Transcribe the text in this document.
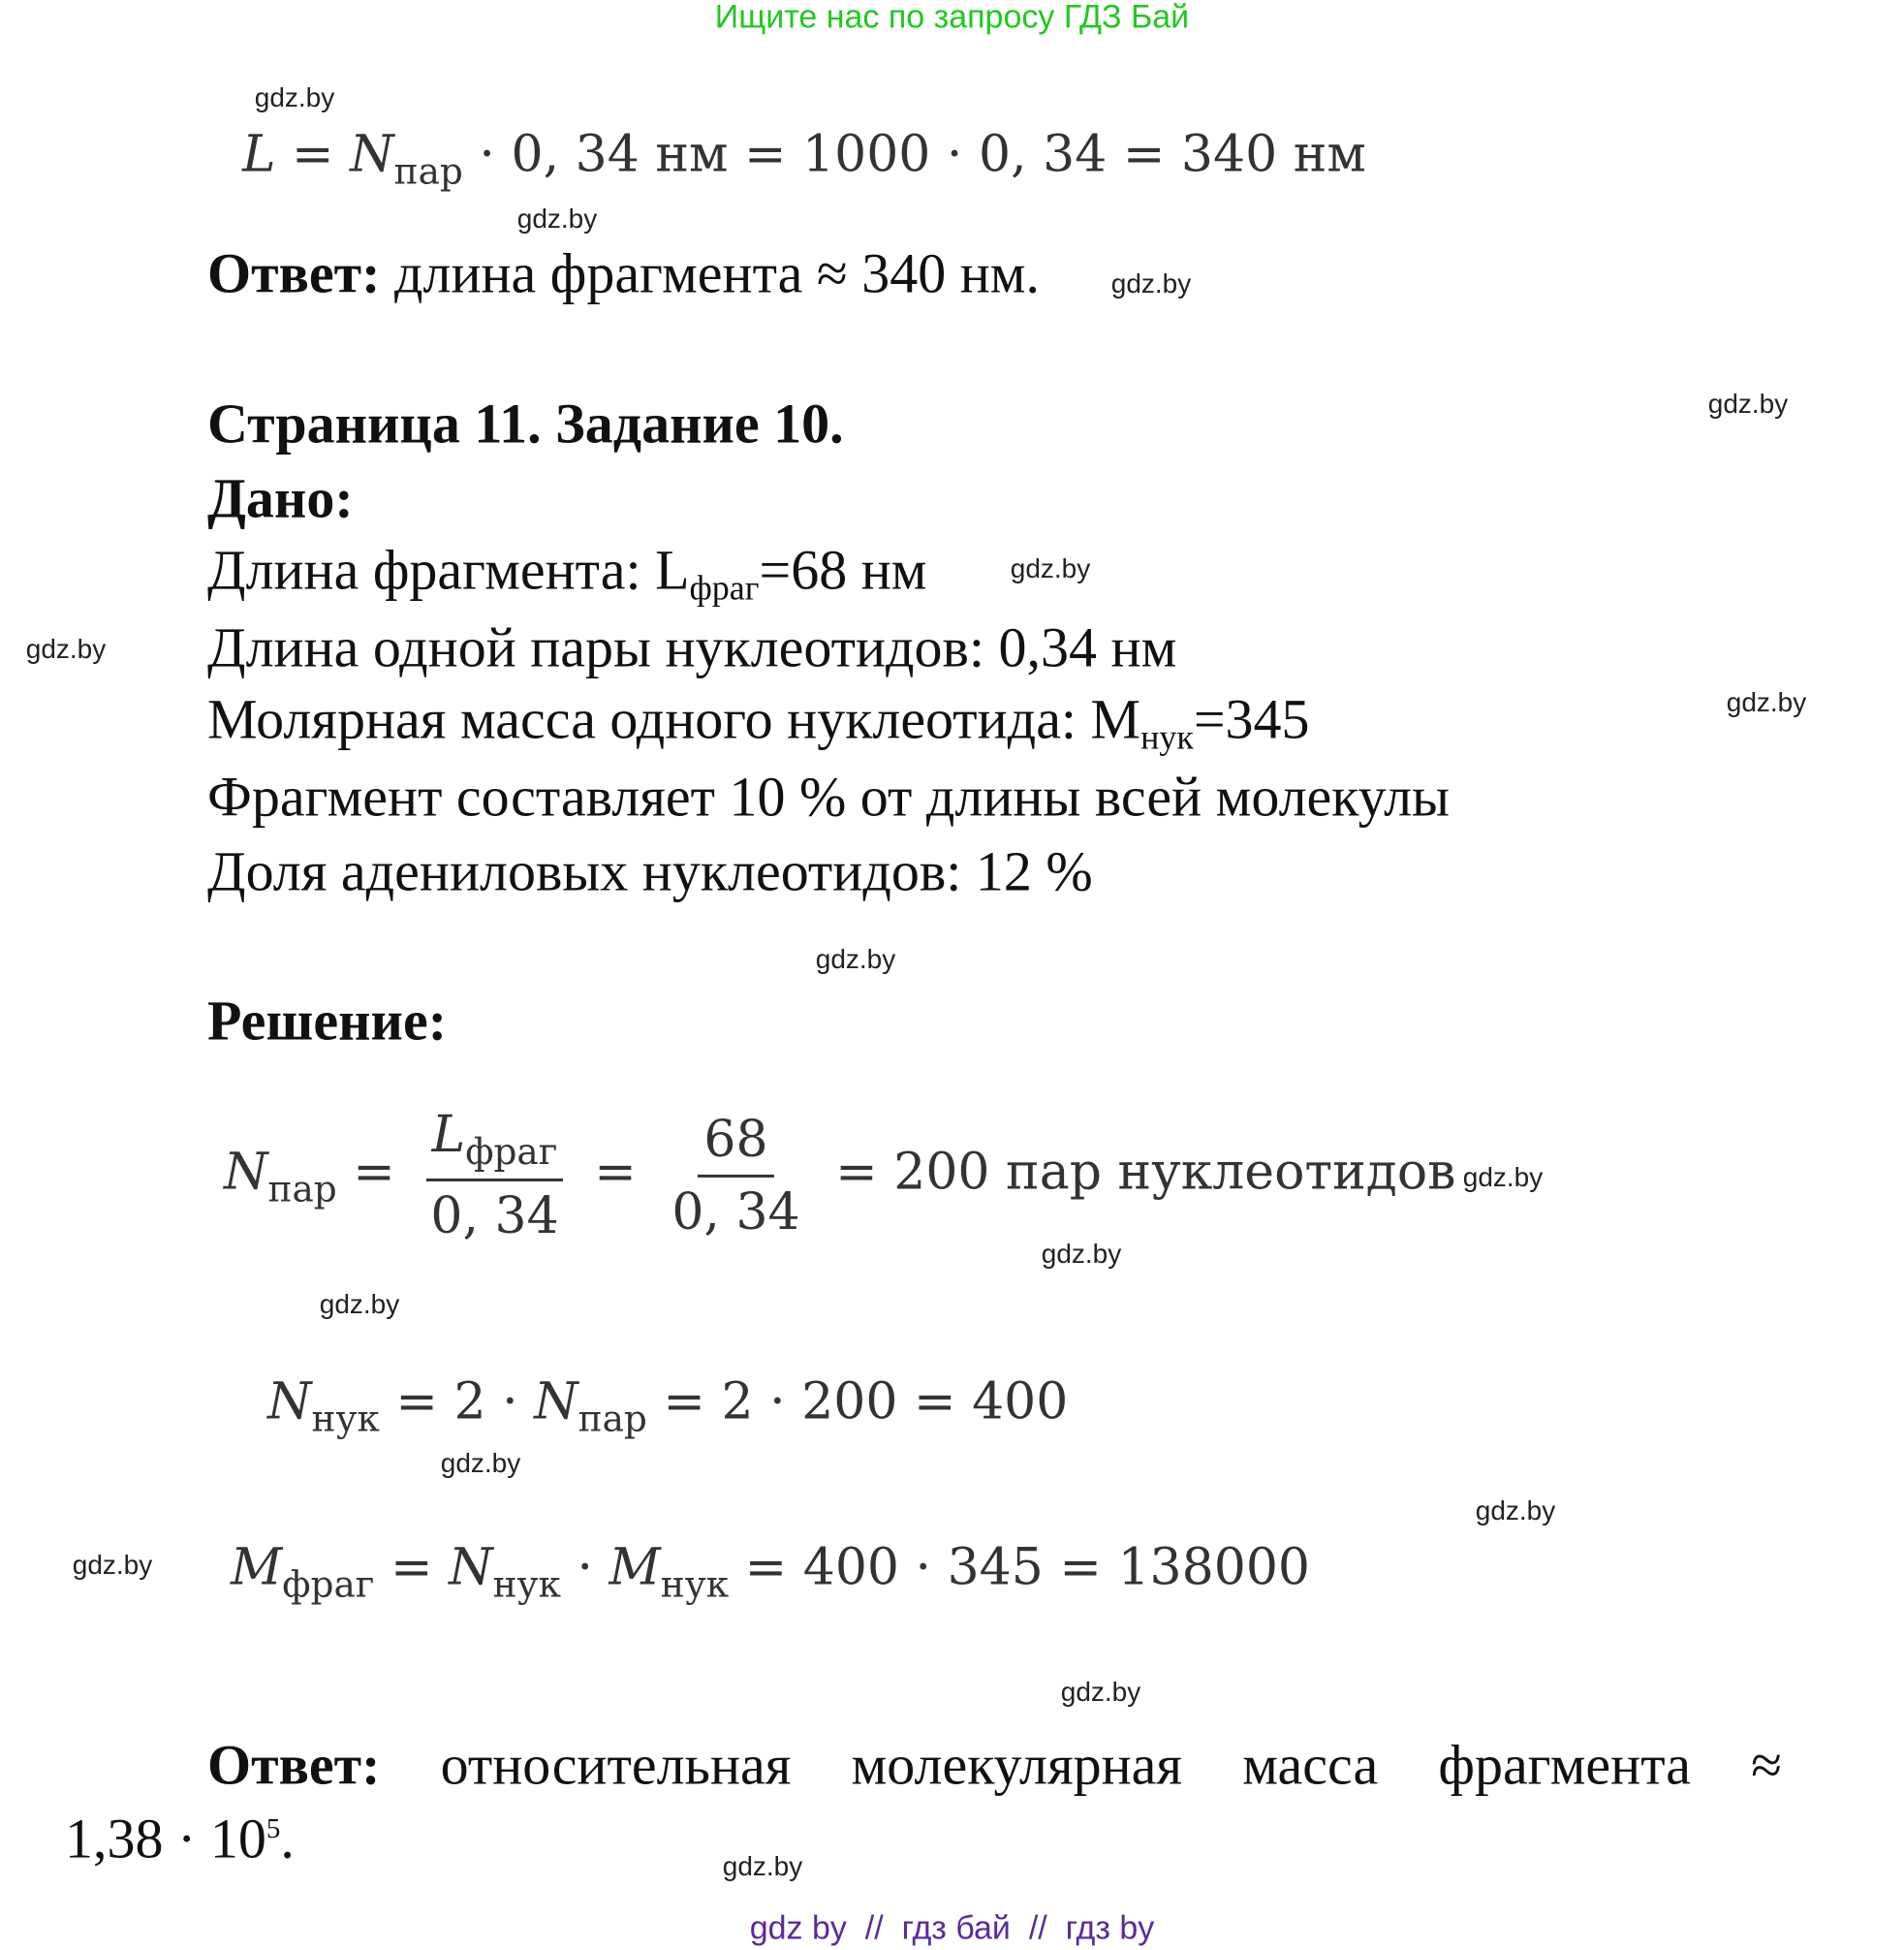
Ищите нас по запросу ГДЗ Бай
gdz.by
$L = N_{пар} \cdot 0$, 34 нм = 1000 · 0, 34 = 340 нм
gdz.by
Ответ: длина фрагмента ≈ 340 нм.	gdz.by
gdz.by
Страница 11. Задание 10.
Дано:
Длина фрагмента: Lфраг=68 нм	gdz.by
gdz.by Длина одной пары нуклеотидов: 0,34 нм
Молярная масса одного нуклеотида: Mнук=345	gdz.by
Фрагмент составляет 10 % от длины всей молекулы
Доля адениловых нуклеотидов: 12 %
gdz.by
Решение:
$N_{пар} = \frac{L_{фраг}}{0, 34} = \frac{68}{0, 34} = 200$ пар нуклеотидов gdz.by
gdz.by
gdz.by
$N_{нук} = 2 \cdot N_{пар} = 2 \cdot 200 = 400$
gdz.by
gdz.by
gdz.by $M_{фраг} = N_{нук} \cdot M_{нук} = 400 \cdot 345 = 138000$
gdz.by
Ответ: относительная молекулярная масса фрагмента ≈
$1,38 \cdot 10^5$.	gdz.by
gdz by  //  гдз бай  //  гдз by
